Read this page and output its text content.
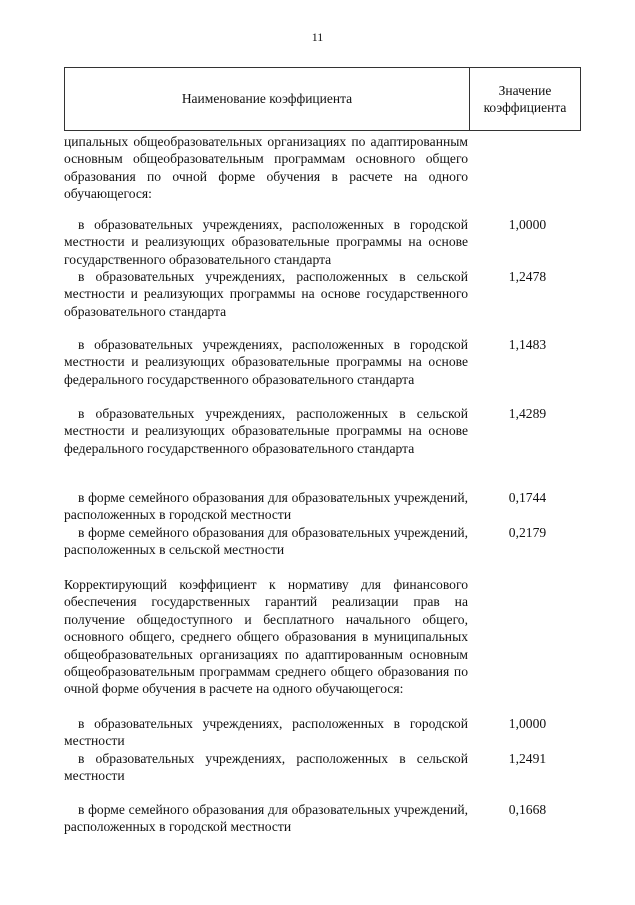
11
Наименование коэффициента
Значение коэффициента
ципальных общеобразовательных организациях по адаптированным основным общеобразовательным программам основного общего образования по очной форме обучения в расчете на одного обучающегося:
в образовательных учреждениях, расположенных в городской местности и реализующих образовательные программы на основе государственного образовательного стандарта
1,0000
в образовательных учреждениях, расположенных в сельской местности и реализующих программы на основе государственного образовательного стандарта
1,2478
в образовательных учреждениях, расположенных в городской местности и реализующих образовательные программы на основе федерального государственного образовательного стандарта
1,1483
в образовательных учреждениях, расположенных в сельской местности и реализующих образовательные программы на основе федерального государственного образовательного стандарта
1,4289
в форме семейного образования для образовательных учреждений, расположенных в городской местности
0,1744
в форме семейного образования для образовательных учреждений, расположенных в сельской местности
0,2179
Корректирующий коэффициент к нормативу для финансового обеспечения государственных гарантий реализации прав на получение общедоступного и бесплатного начального общего, основного общего, среднего общего образования в муниципальных общеобразовательных организациях по адаптированным основным общеобразовательным программам среднего общего образования по очной форме обучения в расчете на одного обучающегося:
в образовательных учреждениях, расположенных в городской местности
1,0000
в образовательных учреждениях, расположенных в сельской местности
1,2491
в форме семейного образования для образовательных учреждений, расположенных в городской местности
0,1668
